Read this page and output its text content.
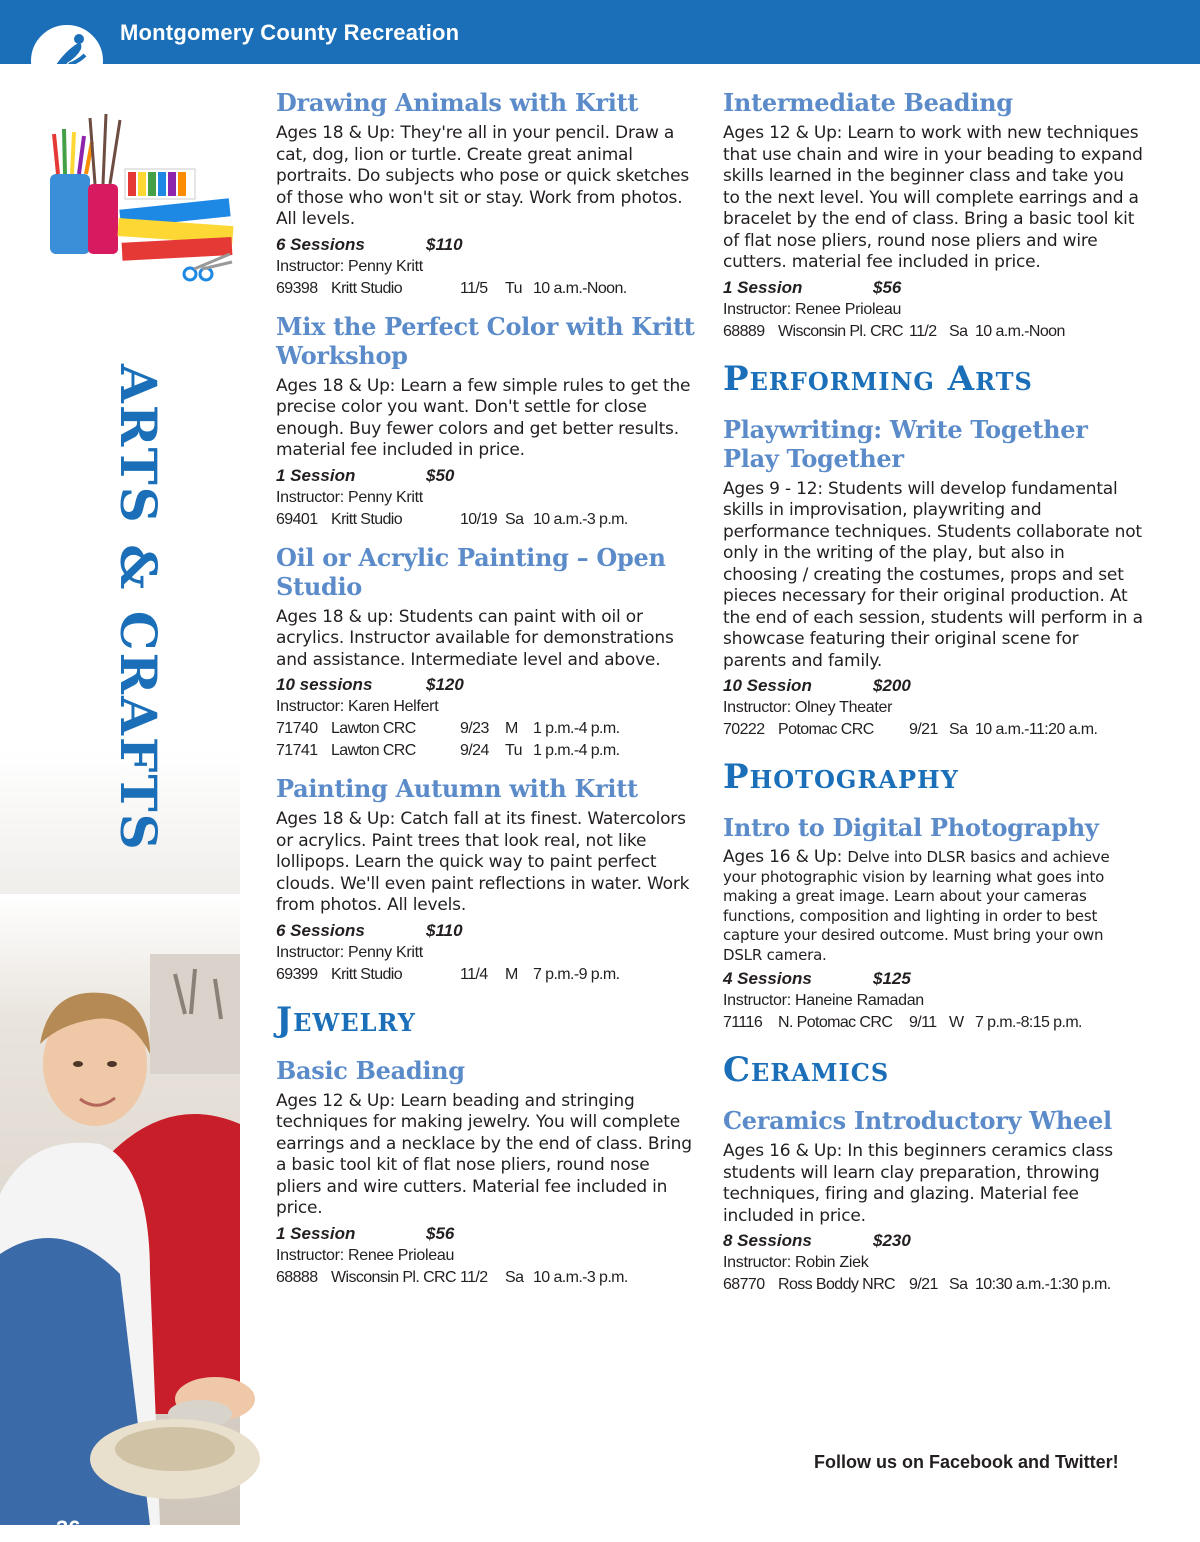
Montgomery County Recreation
ARTS & CRAFTS
36
Drawing Animals with Kritt
Ages 18 & Up: They're all in your pencil. Draw a cat, dog, lion or turtle. Create great animal portraits. Do subjects who pose or quick sketches of those who won't sit or stay. Work from photos. All levels.
6 Sessions	$110
Instructor: Penny Kritt
69398 Kritt Studio	11/5	Tu 10 a.m.-Noon.
Mix the Perfect Color with Kritt Workshop
Ages 18 & Up: Learn a few simple rules to get the precise color you want. Don't settle for close enough. Buy fewer colors and get better results. material fee included in price.
1 Session	$50
Instructor: Penny Kritt
69401 Kritt Studio	10/19 Sa 10 a.m.-3 p.m.
Oil or Acrylic Painting – Open Studio
Ages 18 & up: Students can paint with oil or acrylics. Instructor available for demonstrations and assistance. Intermediate level and above.
10 sessions	$120
Instructor: Karen Helfert
71740 Lawton CRC	9/23	M 1 p.m.-4 p.m.
71741 Lawton CRC	9/24	Tu 1 p.m.-4 p.m.
Painting Autumn with Kritt
Ages 18 & Up: Catch fall at its finest. Watercolors or acrylics. Paint trees that look real, not like lollipops. Learn the quick way to paint perfect clouds. We'll even paint reflections in water. Work from photos. All levels.
6 Sessions	$110
Instructor: Penny Kritt
69399 Kritt Studio	11/4	M 7 p.m.-9 p.m.
Jewelry
Basic Beading
Ages 12 & Up: Learn beading and stringing techniques for making jewelry. You will complete earrings and a necklace by the end of class. Bring a basic tool kit of flat nose pliers, round nose pliers and wire cutters. Material fee included in price.
1 Session	$56
Instructor: Renee Prioleau
68888 Wisconsin Pl. CRC 11/2	Sa 10 a.m.-3 p.m.
Intermediate Beading
Ages 12 & Up: Learn to work with new techniques that use chain and wire in your beading to expand skills learned in the beginner class and take you to the next level. You will complete earrings and a bracelet by the end of class. Bring a basic tool kit of flat nose pliers, round nose pliers and wire cutters. material fee included in price.
1 Session	$56
Instructor: Renee Prioleau
68889 Wisconsin Pl. CRC 11/2 Sa 10 a.m.-Noon
Performing Arts
Playwriting: Write Together Play Together
Ages 9 - 12: Students will develop fundamental skills in improvisation, playwriting and performance techniques. Students collaborate not only in the writing of the play, but also in choosing / creating the costumes, props and set pieces necessary for their original production. At the end of each session, students will perform in a showcase featuring their original scene for parents and family.
10 Session	$200
Instructor: Olney Theater
70222 Potomac CRC	9/21 Sa 10 a.m.-11:20 a.m.
Photography
Intro to Digital Photography
Ages 16 & Up: Delve into DLSR basics and achieve your photographic vision by learning what goes into making a great image. Learn about your cameras functions, composition and lighting in order to best capture your desired outcome. Must bring your own DSLR camera.
4 Sessions	$125
Instructor: Haneine Ramadan
71116 N. Potomac CRC	9/11 W 7 p.m.-8:15 p.m.
Ceramics
Ceramics Introductory Wheel
Ages 16 & Up: In this beginners ceramics class students will learn clay preparation, throwing techniques, firing and glazing. Material fee included in price.
8 Sessions	$230
Instructor: Robin Ziek
68770 Ross Boddy NRC 9/21 Sa 10:30 a.m.-1:30 p.m.
Follow us on Facebook and Twitter!
